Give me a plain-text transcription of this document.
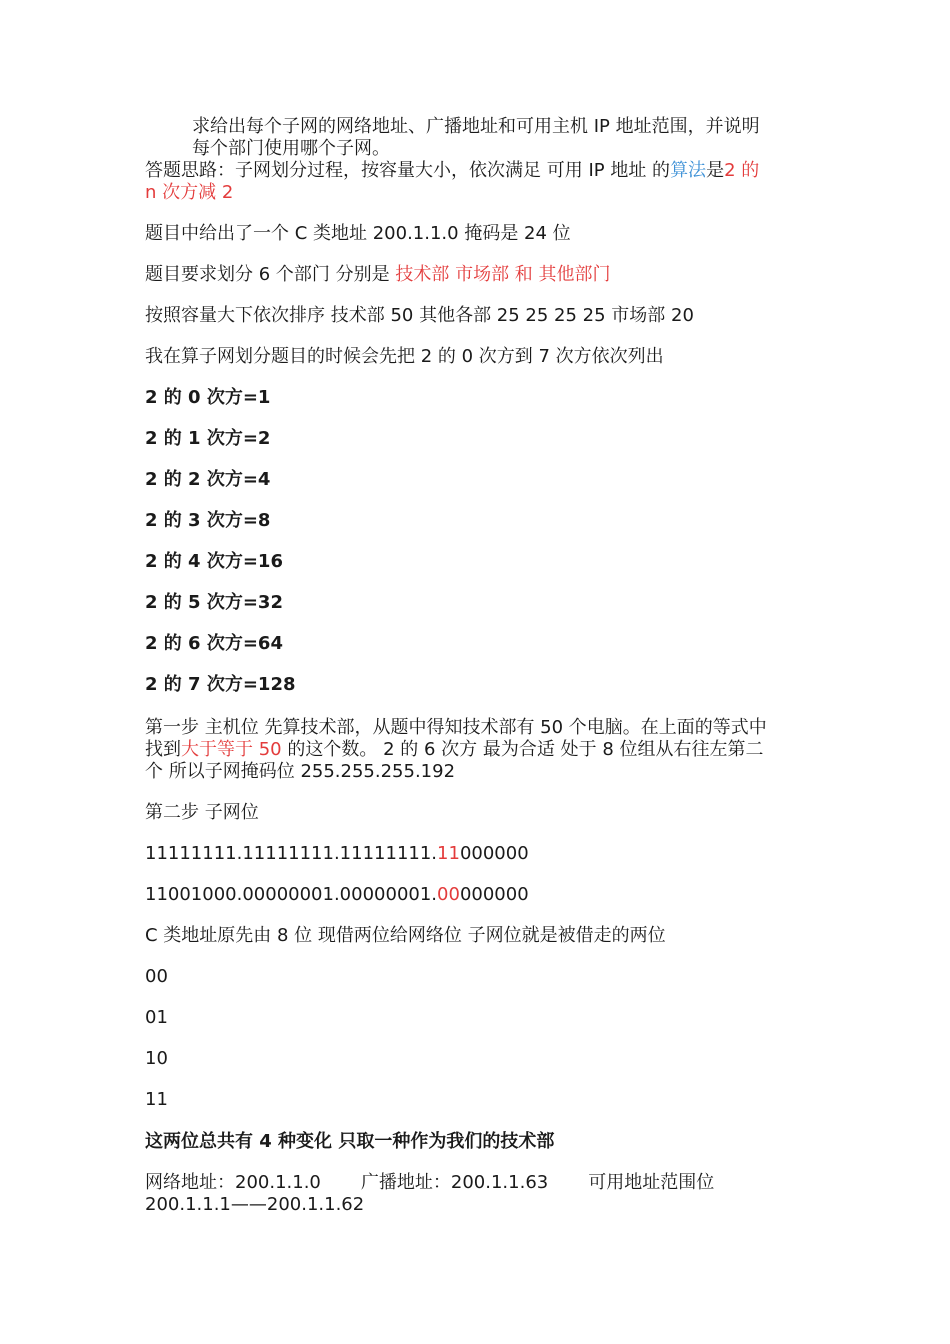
求给出每个子网的网络地址、广播地址和可用主机 IP 地址范围，并说明
每个部门使用哪个子网。
答题思路：子网划分过程，按容量大小，依次满足 可用 IP 地址 的算法是2 的
n 次方减 2
题目中给出了一个 C 类地址 200.1.1.0 掩码是 24 位
题目要求划分 6 个部门 分别是 技术部 市场部 和 其他部门
按照容量大下依次排序 技术部 50 其他各部 25 25 25 25 市场部 20
我在算子网划分题目的时候会先把 2 的 0 次方到 7 次方依次列出
2 的 0 次方=1
2 的 1 次方=2
2 的 2 次方=4
2 的 3 次方=8
2 的 4 次方=16
2 的 5 次方=32
2 的 6 次方=64
2 的 7 次方=128
第一步 主机位 先算技术部，从题中得知技术部有 50 个电脑。在上面的等式中
找到大于等于 50 的这个数。 2 的 6 次方 最为合适 处于 8 位组从右往左第二
个 所以子网掩码位 255.255.255.192
第二步 子网位
11111111.11111111.11111111.11000000
11001000.00000001.00000001.00000000
C 类地址原先由 8 位 现借两位给网络位 子网位就是被借走的两位
00
01
10
11
这两位总共有 4 种变化 只取一种作为我们的技术部
网络地址：200.1.1.0 广播地址：200.1.1.63 可用地址范围位
200.1.1.1——200.1.1.62
